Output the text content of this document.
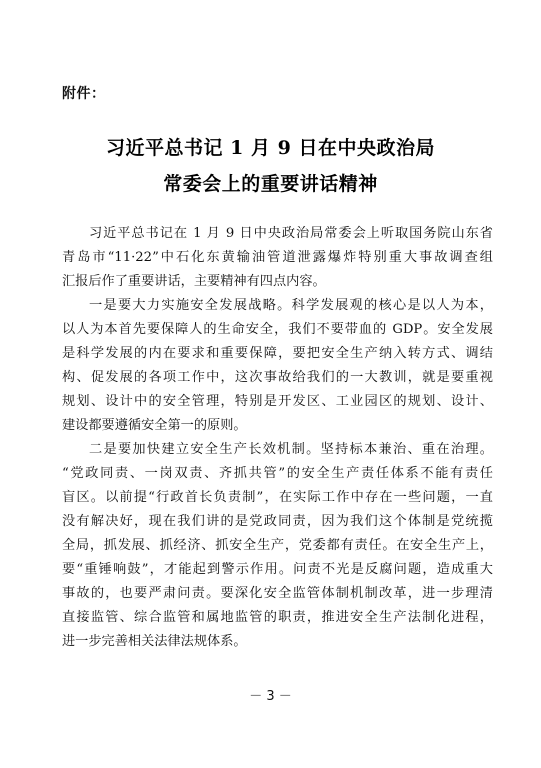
附件：
习近平总书记 1 月 9 日在中央政治局
常委会上的重要讲话精神
习近平总书记在 1 月 9 日中央政治局常委会上听取国务院山东省
青岛市“11·22”中石化东黄输油管道泄露爆炸特别重大事故调查组
汇报后作了重要讲话，主要精神有四点内容。
一是要大力实施安全发展战略。科学发展观的核心是以人为本，
以人为本首先要保障人的生命安全，我们不要带血的 GDP。安全发展
是科学发展的内在要求和重要保障，要把安全生产纳入转方式、调结
构、促发展的各项工作中，这次事故给我们的一大教训，就是要重视
规划、设计中的安全管理，特别是开发区、工业园区的规划、设计、
建设都要遵循安全第一的原则。
二是要加快建立安全生产长效机制。坚持标本兼治、重在治理。
“党政同责、一岗双责、齐抓共管”的安全生产责任体系不能有责任
盲区。以前提“行政首长负责制”，在实际工作中存在一些问题，一直
没有解决好，现在我们讲的是党政同责，因为我们这个体制是党统揽
全局，抓发展、抓经济、抓安全生产，党委都有责任。在安全生产上，
要“重锤响鼓”，才能起到警示作用。问责不光是反腐问题，造成重大
事故的，也要严肃问责。要深化安全监管体制机制改革，进一步理清
直接监管、综合监管和属地监管的职责，推进安全生产法制化进程，
进一步完善相关法律法规体系。
－ 3 －
